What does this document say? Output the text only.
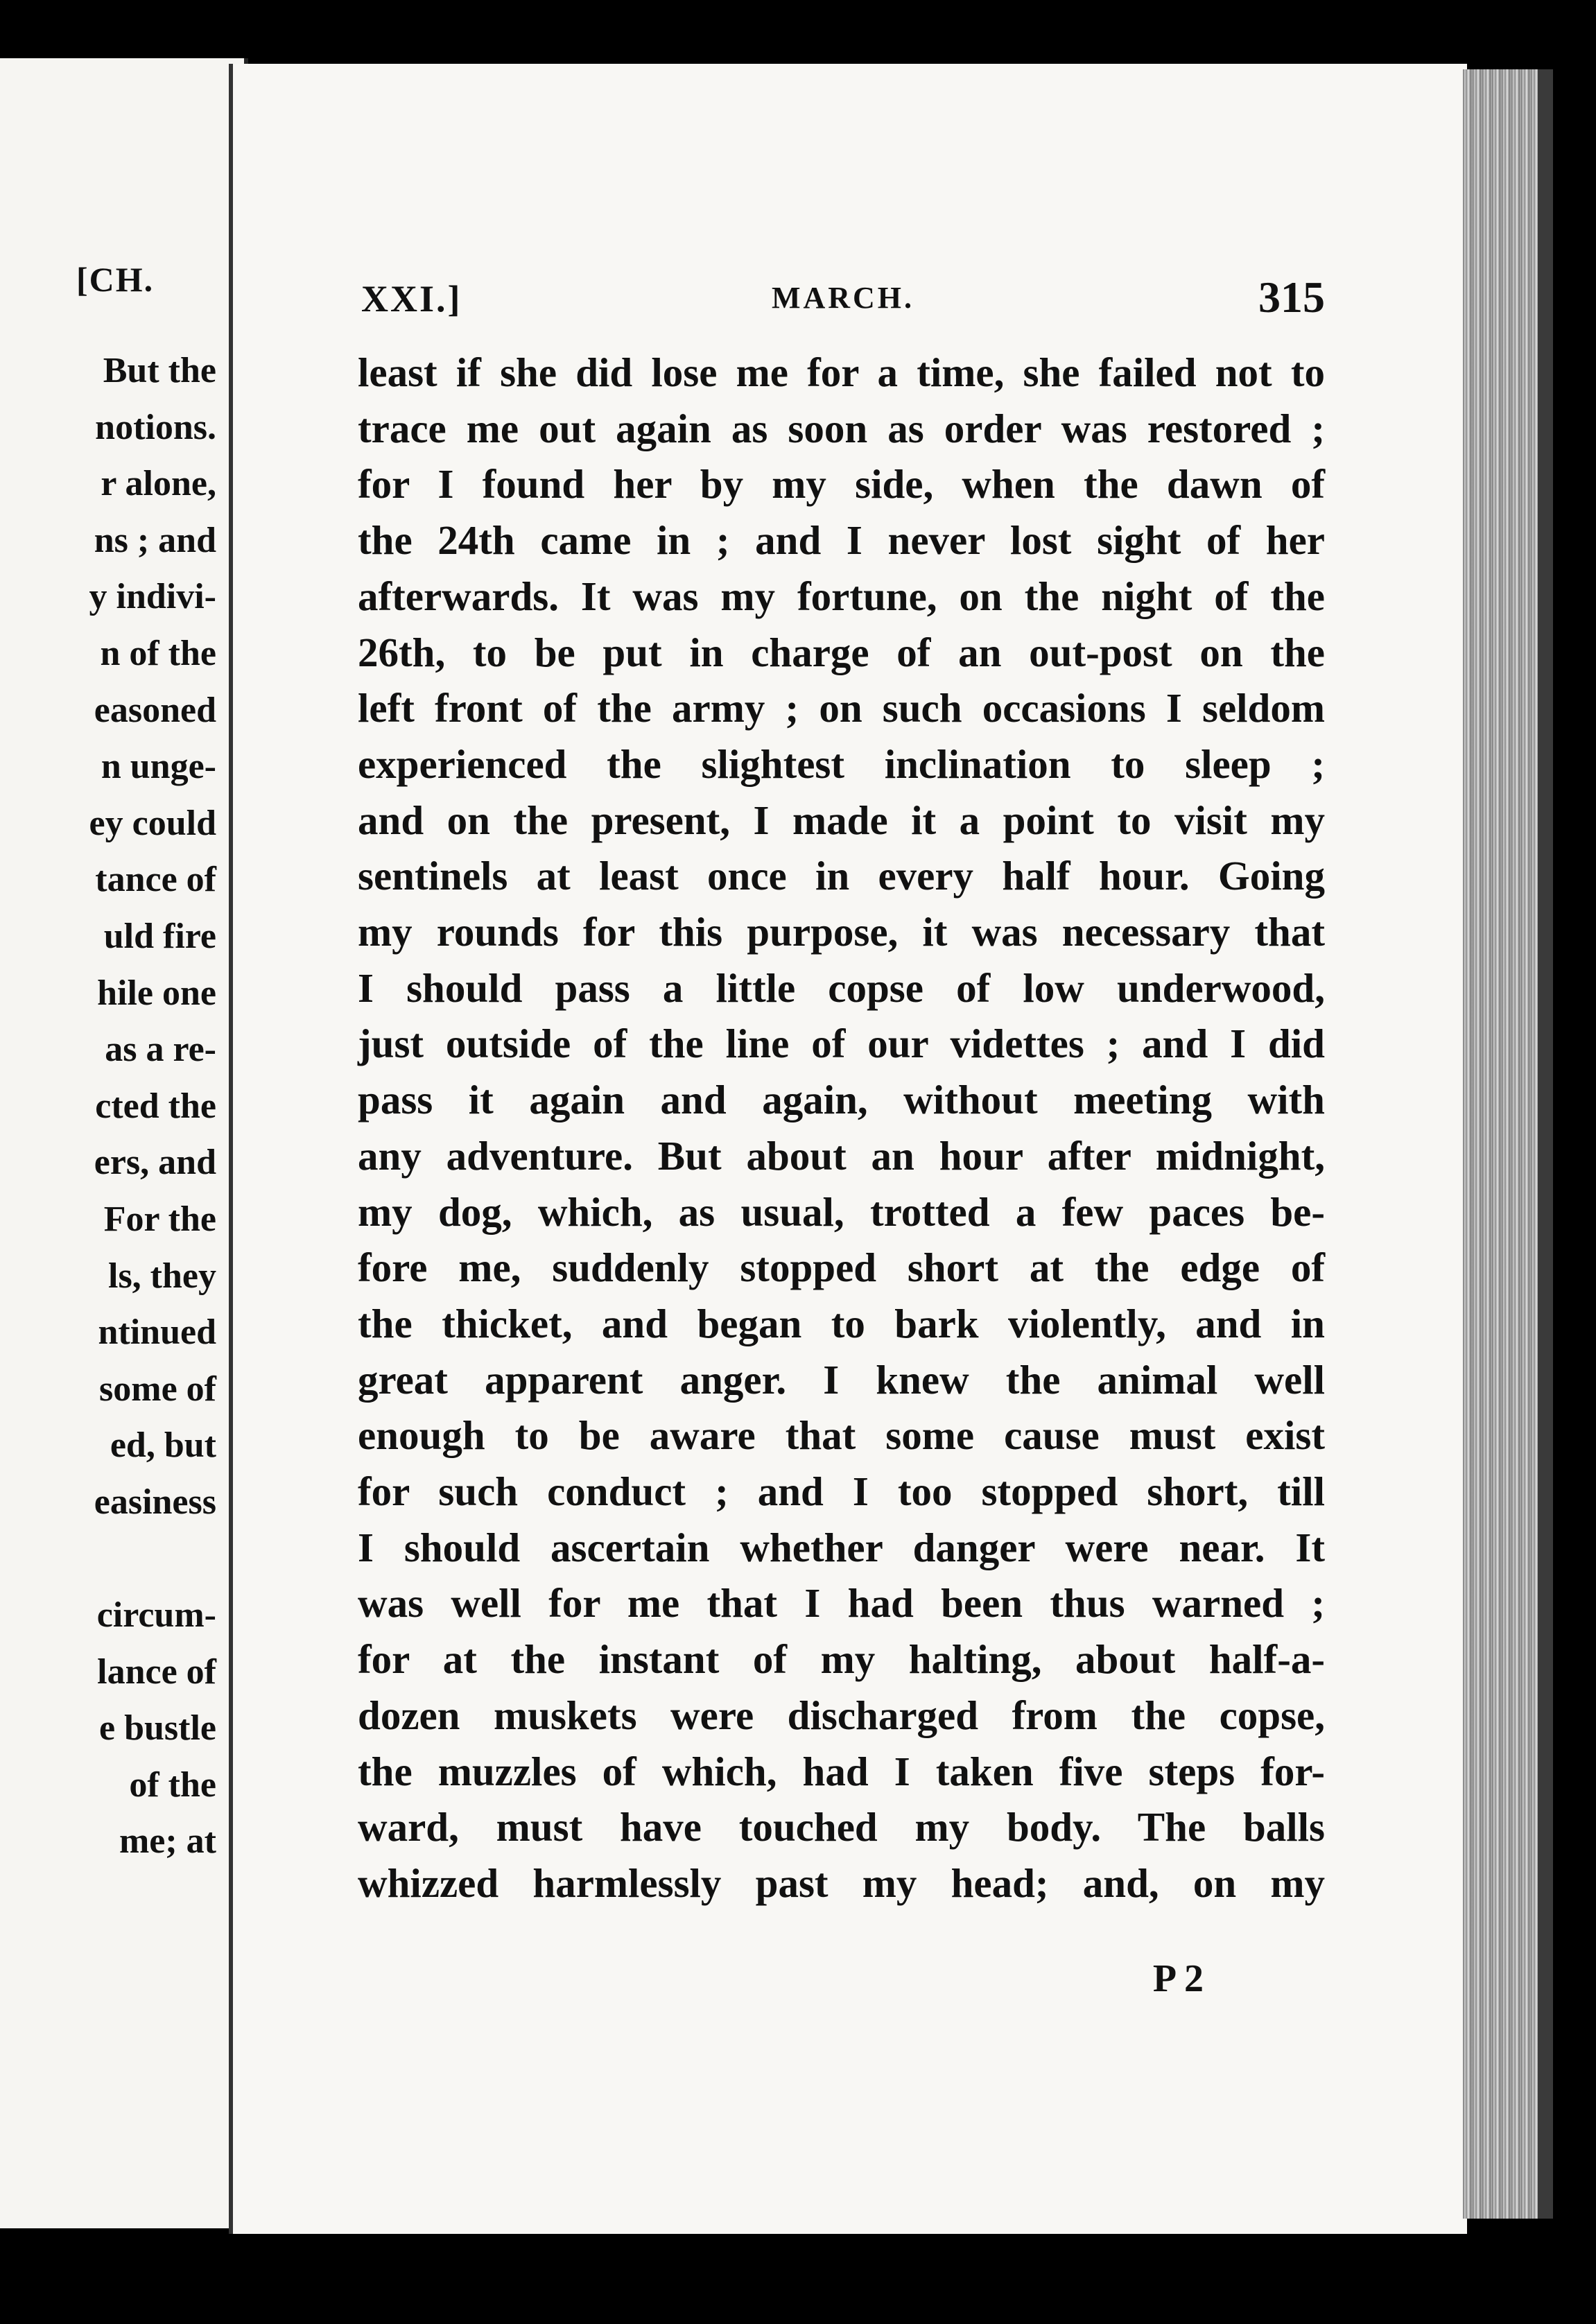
[CH.
But the
notions.
r alone,
ns ; and
y indivi-
n of the
easoned
n unge-
ey could
tance of
uld fire
hile one
as a re-
cted the
ers, and
For the
ls, they
ntinued
some of
ed, but
easiness

circum-
lance of
e bustle
of the
me; at
XXI.]	MARCH.	315
least if she did lose me for a time, she failed not to
trace me out again as soon as order was restored ;
for I found her by my side, when the dawn of
the 24th came in ; and I never lost sight of her
afterwards. It was my fortune, on the night of the
26th, to be put in charge of an out-post on the
left front of the army ; on such occasions I seldom
experienced the slightest inclination to sleep ;
and on the present, I made it a point to visit my
sentinels at least once in every half hour. Going
my rounds for this purpose, it was necessary that
I should pass a little copse of low underwood,
just outside of the line of our videttes ; and I did
pass it again and again, without meeting with
any adventure. But about an hour after midnight,
my dog, which, as usual, trotted a few paces be-
fore me, suddenly stopped short at the edge of
the thicket, and began to bark violently, and in
great apparent anger. I knew the animal well
enough to be aware that some cause must exist
for such conduct ; and I too stopped short, till
I should ascertain whether danger were near. It
was well for me that I had been thus warned ;
for at the instant of my halting, about half-a-
dozen muskets were discharged from the copse,
the muzzles of which, had I taken five steps for-
ward, must have touched my body. The balls
whizzed harmlessly past my head; and, on my
P 2
